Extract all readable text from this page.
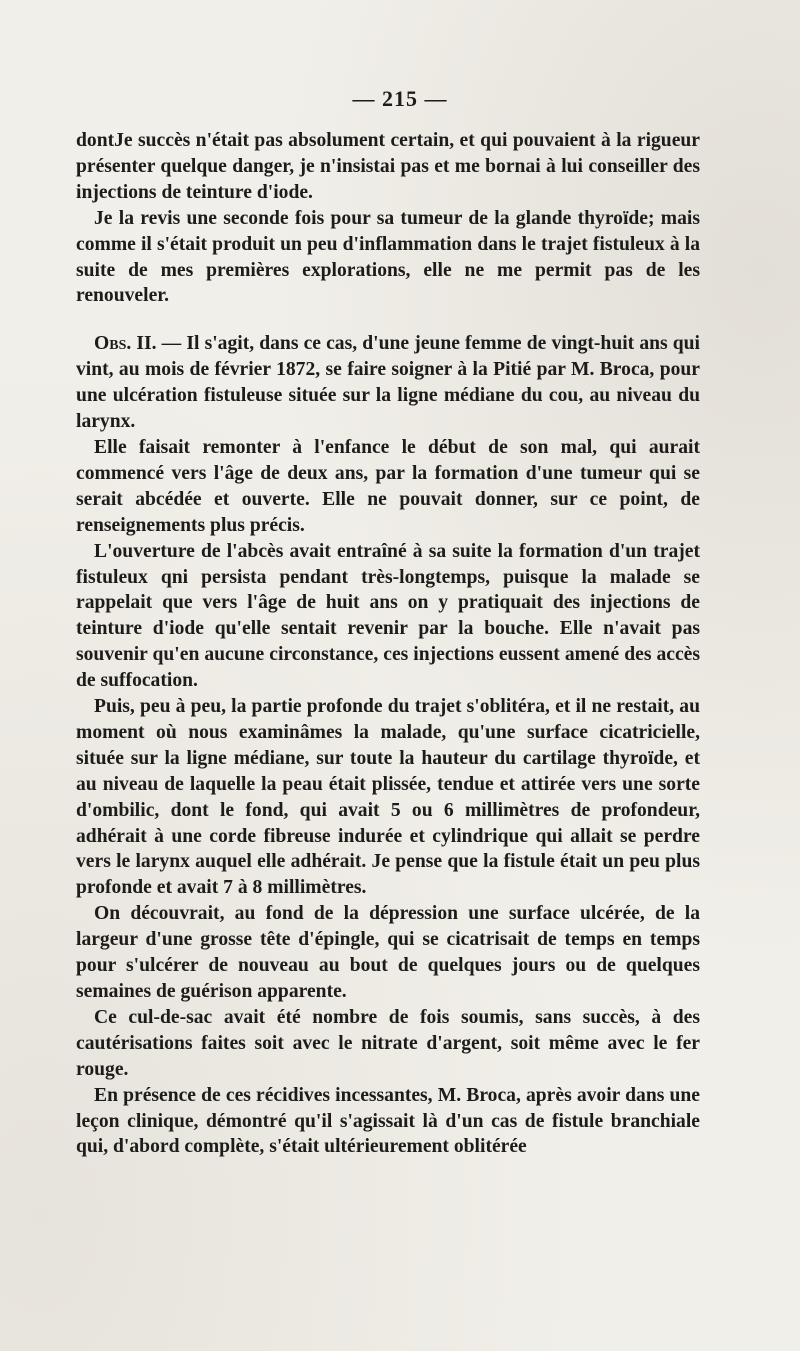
— 215 —

dontJe succès n'était pas absolument certain, et qui pouvaient à la rigueur présenter quelque danger, je n'insistai pas et me bornai à lui conseiller des injections de teinture d'iode.

Je la revis une seconde fois pour sa tumeur de la glande thyroïde; mais comme il s'était produit un peu d'inflammation dans le trajet fistuleux à la suite de mes premières explorations, elle ne me permit pas de les renouveler.

Obs. II. — Il s'agit, dans ce cas, d'une jeune femme de vingt-huit ans qui vint, au mois de février 1872, se faire soigner à la Pitié par M. Broca, pour une ulcération fistuleuse située sur la ligne médiane du cou, au niveau du larynx.

Elle faisait remonter à l'enfance le début de son mal, qui aurait commencé vers l'âge de deux ans, par la formation d'une tumeur qui se serait abcédée et ouverte. Elle ne pouvait donner, sur ce point, de renseignements plus précis.

L'ouverture de l'abcès avait entraîné à sa suite la formation d'un trajet fistuleux qni persista pendant très-longtemps, puisque la malade se rappelait que vers l'âge de huit ans on y pratiquait des injections de teinture d'iode qu'elle sentait revenir par la bouche. Elle n'avait pas souvenir qu'en aucune circonstance, ces injections eussent amené des accès de suffocation.

Puis, peu à peu, la partie profonde du trajet s'oblitéra, et il ne restait, au moment où nous examinâmes la malade, qu'une surface cicatricielle, située sur la ligne médiane, sur toute la hauteur du cartilage thyroïde, et au niveau de laquelle la peau était plissée, tendue et attirée vers une sorte d'ombilic, dont le fond, qui avait 5 ou 6 millimètres de profondeur, adhérait à une corde fibreuse indurée et cylindrique qui allait se perdre vers le larynx auquel elle adhérait. Je pense que la fistule était un peu plus profonde et avait 7 à 8 millimètres.

On découvrait, au fond de la dépression une surface ulcérée, de la largeur d'une grosse tête d'épingle, qui se cicatrisait de temps en temps pour s'ulcérer de nouveau au bout de quelques jours ou de quelques semaines de guérison apparente.

Ce cul-de-sac avait été nombre de fois soumis, sans succès, à des cautérisations faites soit avec le nitrate d'argent, soit même avec le fer rouge.

En présence de ces récidives incessantes, M. Broca, après avoir dans une leçon clinique, démontré qu'il s'agissait là d'un cas de fistule branchiale qui, d'abord complète, s'était ultérieurement oblitérée
